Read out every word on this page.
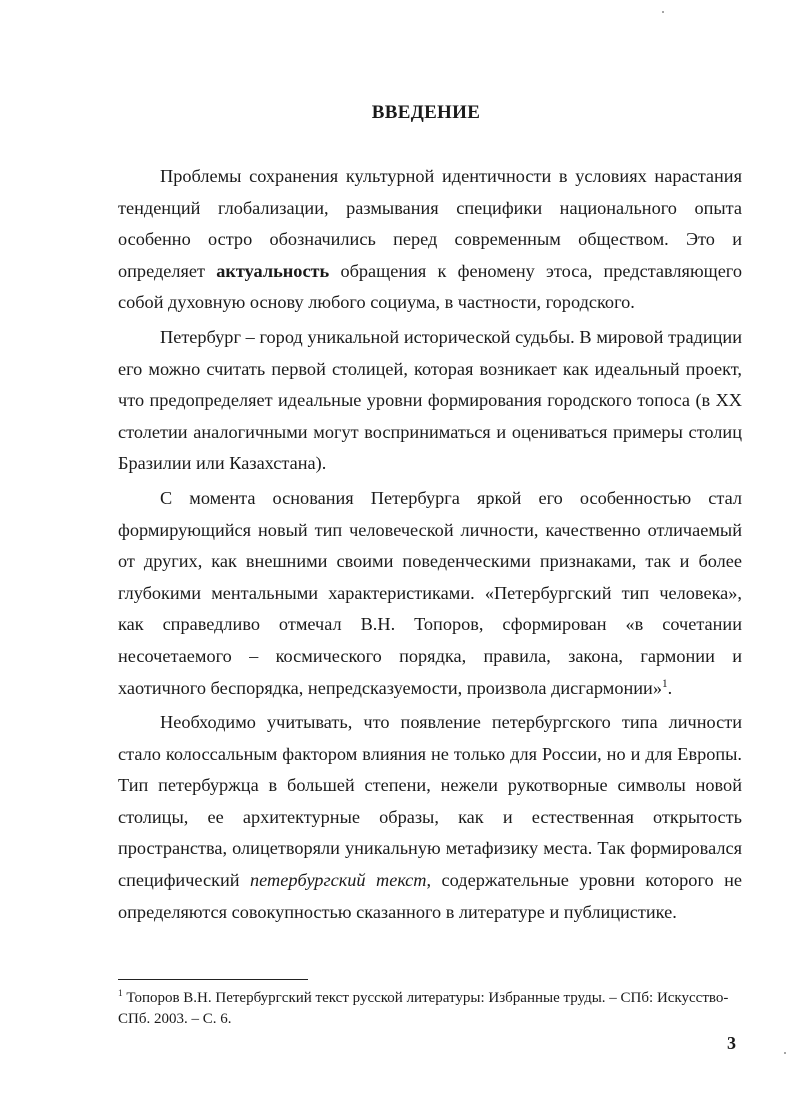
ВВЕДЕНИЕ

Проблемы сохранения культурной идентичности в условиях нарастания тенденций глобализации, размывания специфики национального опыта особенно остро обозначились перед современным обществом. Это и определяет актуальность обращения к феномену этоса, представляющего собой духовную основу любого социума, в частности, городского.

Петербург – город уникальной исторической судьбы. В мировой традиции его можно считать первой столицей, которая возникает как идеальный проект, что предопределяет идеальные уровни формирования городского топоса (в XX столетии аналогичными могут восприниматься и оцениваться примеры столиц Бразилии или Казахстана).

С момента основания Петербурга яркой его особенностью стал формирующийся новый тип человеческой личности, качественно отличаемый от других, как внешними своими поведенческими признаками, так и более глубокими ментальными характеристиками. «Петербургский тип человека», как справедливо отмечал В.Н. Топоров, сформирован «в сочетании несочетаемого – космического порядка, правила, закона, гармонии и хаотичного беспорядка, непредсказуемости, произвола дисгармонии»$^1$.

Необходимо учитывать, что появление петербургского типа личности стало колоссальным фактором влияния не только для России, но и для Европы. Тип петербуржца в большей степени, нежели рукотворные символы новой столицы, ее архитектурные образы, как и естественная открытость пространства, олицетворяли уникальную метафизику места. Так формировался специфический петербургский текст, содержательные уровни которого не определяются совокупностью сказанного в литературе и публицистике.

$^1$ Топоров В.Н. Петербургский текст русской литературы: Избранные труды. – СПб: Искусство-СПб. 2003. – С. 6.
3
